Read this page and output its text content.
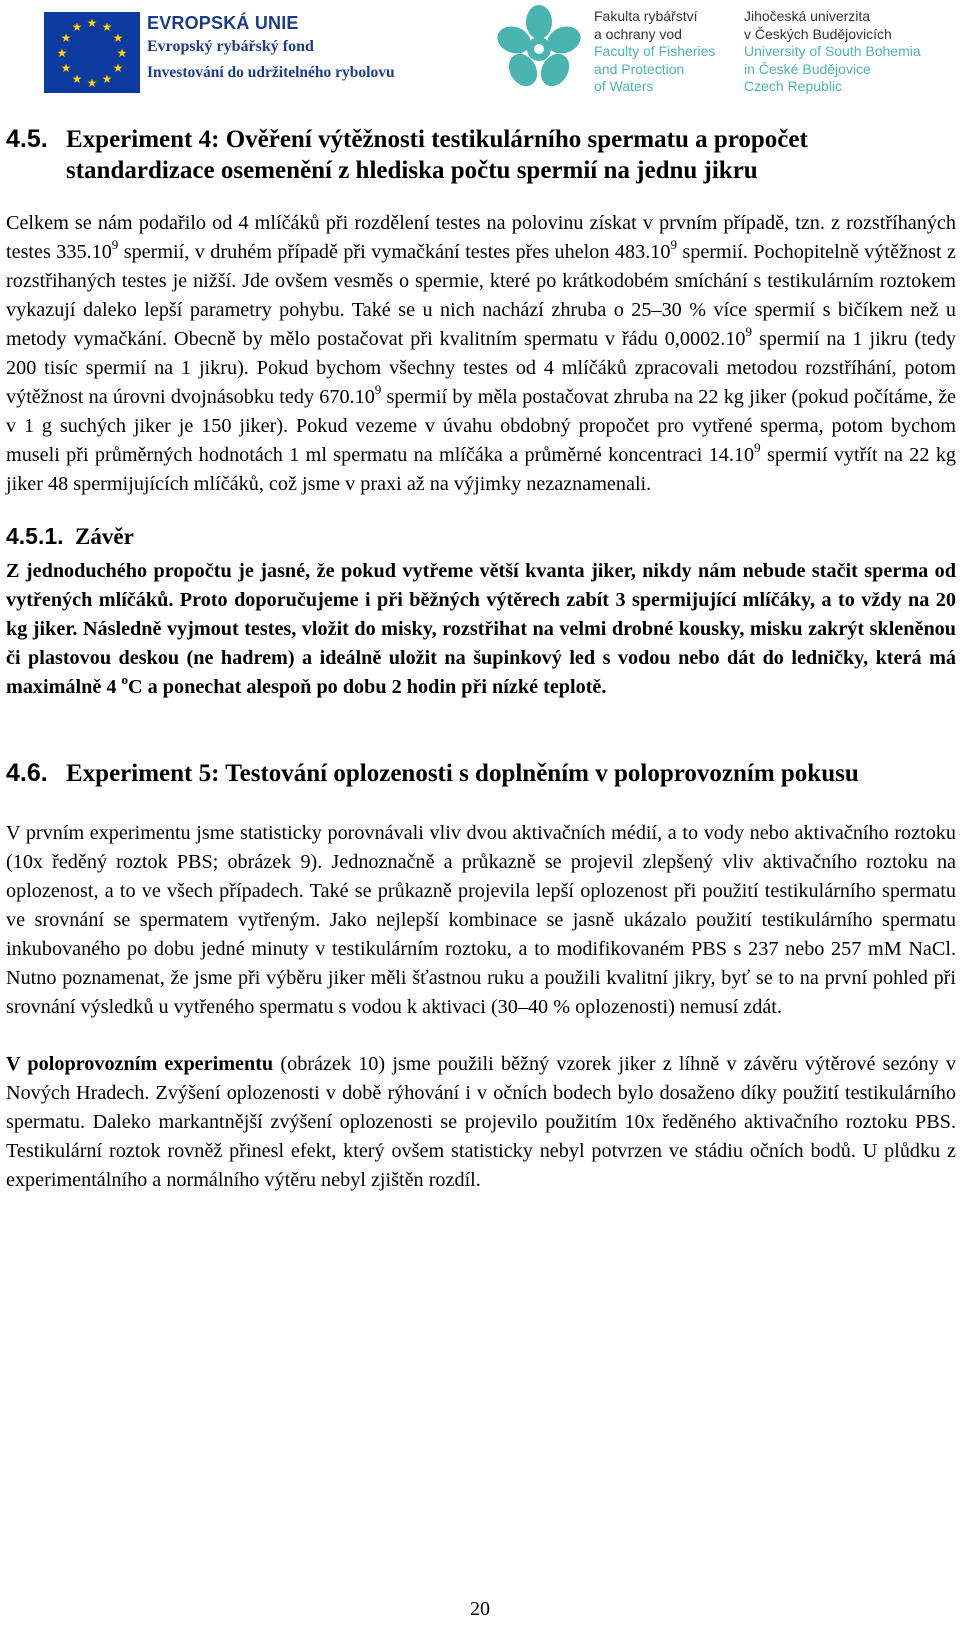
★ ★
★
★
★
★
★
★
★
★
★
★	EVROPSKÁ UNIE
Evropský rybářský fond
Investování do udržitelného rybolovu
Fakulta rybářství
a ochrany vod
Faculty of Fisheries
and Protection
of Waters
Jihočeská univerzita
v Českých Budějovicích
University of South Bohemia
in České Budějovice
Czech Republic
4.5. Experiment 4: Ověření výtěžnosti testikulárního spermatu a propočet standardizace osemenění z hlediska počtu spermií na jednu jikru

Celkem se nám podařilo od 4 mlíčáků při rozdělení testes na polovinu získat v prvním případě, tzn. z rozstříhaných testes 335.10$^9$ spermií, v druhém případě při vymačkání testes přes uhelon 483.10$^9$ spermií. Pochopitelně výtěžnost z rozstřihaných testes je nižší. Jde ovšem vesměs o spermie, které po krátkodobém smíchání s testikulárním roztokem vykazují daleko lepší parametry pohybu. Také se u nich nachází zhruba o 25–30 % více spermií s bičíkem než u metody vymačkání. Obecně by mělo postačovat při kvalitním spermatu v řádu 0,0002.10$^9$ spermií na 1 jikru (tedy 200 tisíc spermií na 1 jikru). Pokud bychom všechny testes od 4 mlíčáků zpracovali metodou rozstříhání, potom výtěžnost na úrovni dvojnásobku tedy 670.10$^9$ spermií by měla postačovat zhruba na 22 kg jiker (pokud počítáme, že v 1 g suchých jiker je 150 jiker). Pokud vezeme v úvahu obdobný propočet pro vytřené sperma, potom bychom museli při průměrných hodnotách 1 ml spermatu na mlíčáka a průměrné koncentraci 14.10$^9$ spermií vytřít na 22 kg jiker 48 spermijujících mlíčáků, což jsme v praxi až na výjimky nezaznamenali.

4.5.1. Závěr

Z jednoduchého propočtu je jasné, že pokud vytřeme větší kvanta jiker, nikdy nám nebude stačit sperma od vytřených mlíčáků. Proto doporučujeme i při běžných výtěrech zabít 3 spermijující mlíčáky, a to vždy na 20 kg jiker. Následně vyjmout testes, vložit do misky, rozstřihat na velmi drobné kousky, misku zakrýt skleněnou či plastovou deskou (ne hadrem) a ideálně uložit na šupinkový led s vodou nebo dát do ledničky, která má maximálně 4 $^o$C a ponechat alespoň po dobu 2 hodin při nízké teplotě.

4.6. Experiment 5: Testování oplozenosti s doplněním v poloprovozním pokusu

V prvním experimentu jsme statisticky porovnávali vliv dvou aktivačních médií, a to vody nebo aktivačního roztoku (10x ředěný roztok PBS; obrázek 9). Jednoznačně a průkazně se projevil zlepšený vliv aktivačního roztoku na oplozenost, a to ve všech případech. Také se průkazně projevila lepší oplozenost při použití testikulárního spermatu ve srovnání se spermatem vytřeným. Jako nejlepší kombinace se jasně ukázalo použití testikulárního spermatu inkubovaného po dobu jedné minuty v testikulárním roztoku, a to modifikovaném PBS s 237 nebo 257 mM NaCl. Nutno poznamenat, že jsme při výběru jiker měli šťastnou ruku a použili kvalitní jikry, byť se to na první pohled při srovnání výsledků u vytřeného spermatu s vodou k aktivaci (30–40 % oplozenosti) nemusí zdát.

V poloprovozním experimentu (obrázek 10) jsme použili běžný vzorek jiker z líhně v závěru výtěrové sezóny v Nových Hradech. Zvýšení oplozenosti v době rýhování i v očních bodech bylo dosaženo díky použití testikulárního spermatu. Daleko markantnější zvýšení oplozenosti se projevilo použitím 10x ředěného aktivačního roztoku PBS. Testikulární roztok rovněž přinesl efekt, který ovšem statisticky nebyl potvrzen ve stádiu očních bodů. U plůdku z experimentálního a normálního výtěru nebyl zjištěn rozdíl.

20
